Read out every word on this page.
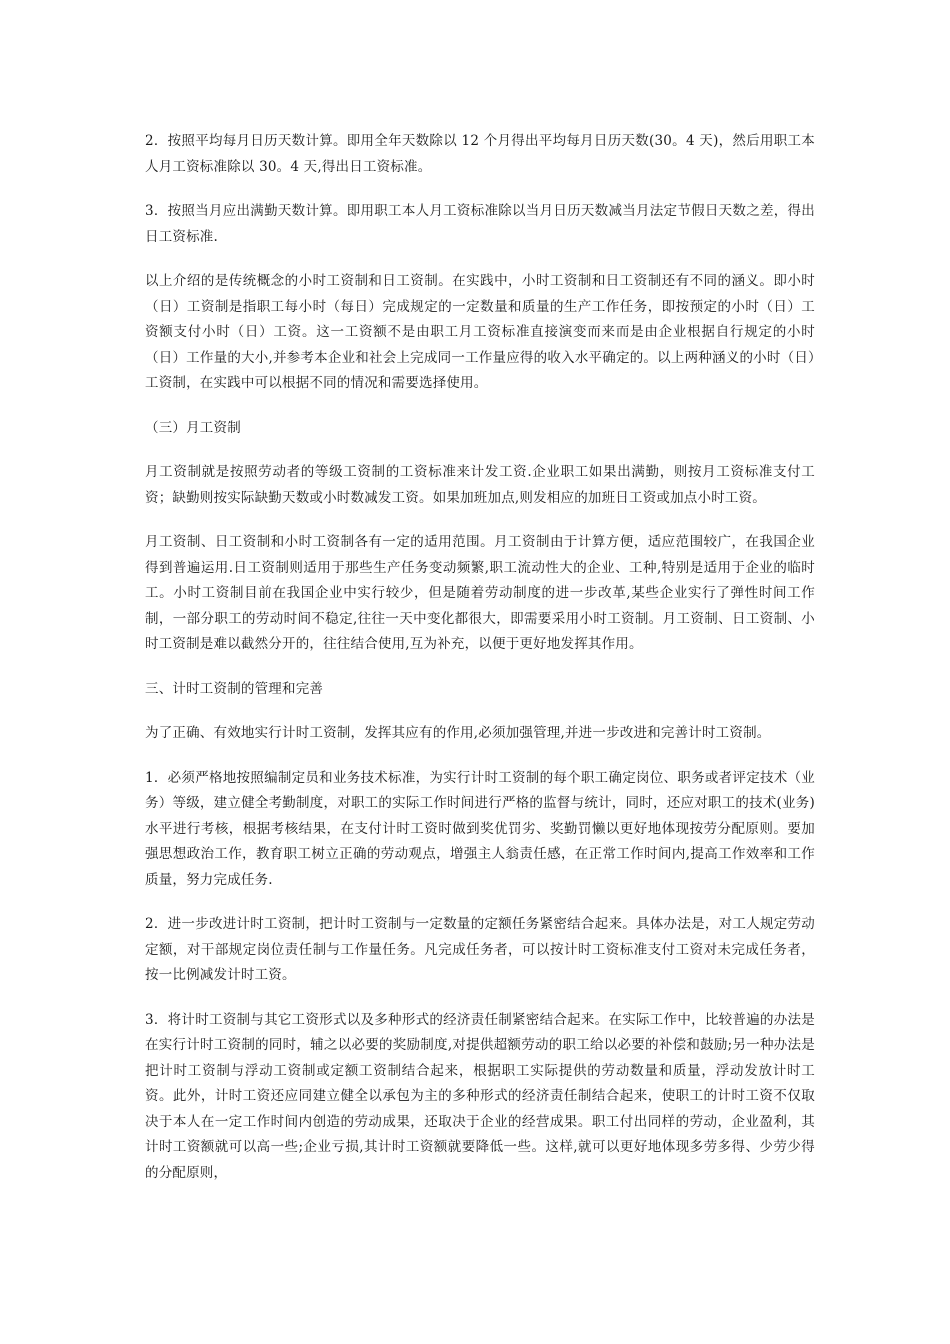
2．按照平均每月日历天数计算。即用全年天数除以 12 个月得出平均每月日历天数(30。4 天)，然后用职工本人月工资标准除以 30。4 天,得出日工资标准。

3．按照当月应出满勤天数计算。即用职工本人月工资标准除以当月日历天数减当月法定节假日天数之差，得出日工资标准.

以上介绍的是传统概念的小时工资制和日工资制。在实践中，小时工资制和日工资制还有不同的涵义。即小时（日）工资制是指职工每小时（每日）完成规定的一定数量和质量的生产工作任务，即按预定的小时（日）工资额支付小时（日）工资。这一工资额不是由职工月工资标准直接演变而来而是由企业根据自行规定的小时（日）工作量的大小,并参考本企业和社会上完成同一工作量应得的收入水平确定的。以上两种涵义的小时（日）工资制，在实践中可以根据不同的情况和需要选择使用。

（三）月工资制

月工资制就是按照劳动者的等级工资制的工资标准来计发工资.企业职工如果出满勤，则按月工资标准支付工资；缺勤则按实际缺勤天数或小时数减发工资。如果加班加点,则发相应的加班日工资或加点小时工资。

月工资制、日工资制和小时工资制各有一定的适用范围。月工资制由于计算方便，适应范围较广，在我国企业得到普遍运用.日工资制则适用于那些生产任务变动频繁,职工流动性大的企业、工种,特别是适用于企业的临时工。小时工资制目前在我国企业中实行较少，但是随着劳动制度的进一步改革,某些企业实行了弹性时间工作制，一部分职工的劳动时间不稳定,往往一天中变化都很大，即需要采用小时工资制。月工资制、日工资制、小时工资制是难以截然分开的，往往结合使用,互为补充，以便于更好地发挥其作用。

三、计时工资制的管理和完善

为了正确、有效地实行计时工资制，发挥其应有的作用,必须加强管理,并进一步改进和完善计时工资制。

1．必须严格地按照编制定员和业务技术标准，为实行计时工资制的每个职工确定岗位、职务或者评定技术（业务）等级，建立健全考勤制度，对职工的实际工作时间进行严格的监督与统计，同时，还应对职工的技术(业务)水平进行考核，根据考核结果，在支付计时工资时做到奖优罚劣、奖勤罚懒以更好地体现按劳分配原则。要加强思想政治工作，教育职工树立正确的劳动观点，增强主人翁责任感，在正常工作时间内,提高工作效率和工作质量，努力完成任务.

2．进一步改进计时工资制，把计时工资制与一定数量的定额任务紧密结合起来。具体办法是，对工人规定劳动定额，对干部规定岗位责任制与工作量任务。凡完成任务者，可以按计时工资标准支付工资对未完成任务者，按一比例减发计时工资。

3．将计时工资制与其它工资形式以及多种形式的经济责任制紧密结合起来。在实际工作中，比较普遍的办法是在实行计时工资制的同时，辅之以必要的奖励制度,对提供超额劳动的职工给以必要的补偿和鼓励;另一种办法是把计时工资制与浮动工资制或定额工资制结合起来，根据职工实际提供的劳动数量和质量，浮动发放计时工资。此外，计时工资还应同建立健全以承包为主的多种形式的经济责任制结合起来，使职工的计时工资不仅取决于本人在一定工作时间内创造的劳动成果，还取决于企业的经营成果。职工付出同样的劳动，企业盈利，其计时工资额就可以高一些;企业亏损,其计时工资额就要降低一些。这样,就可以更好地体现多劳多得、少劳少得的分配原则，
